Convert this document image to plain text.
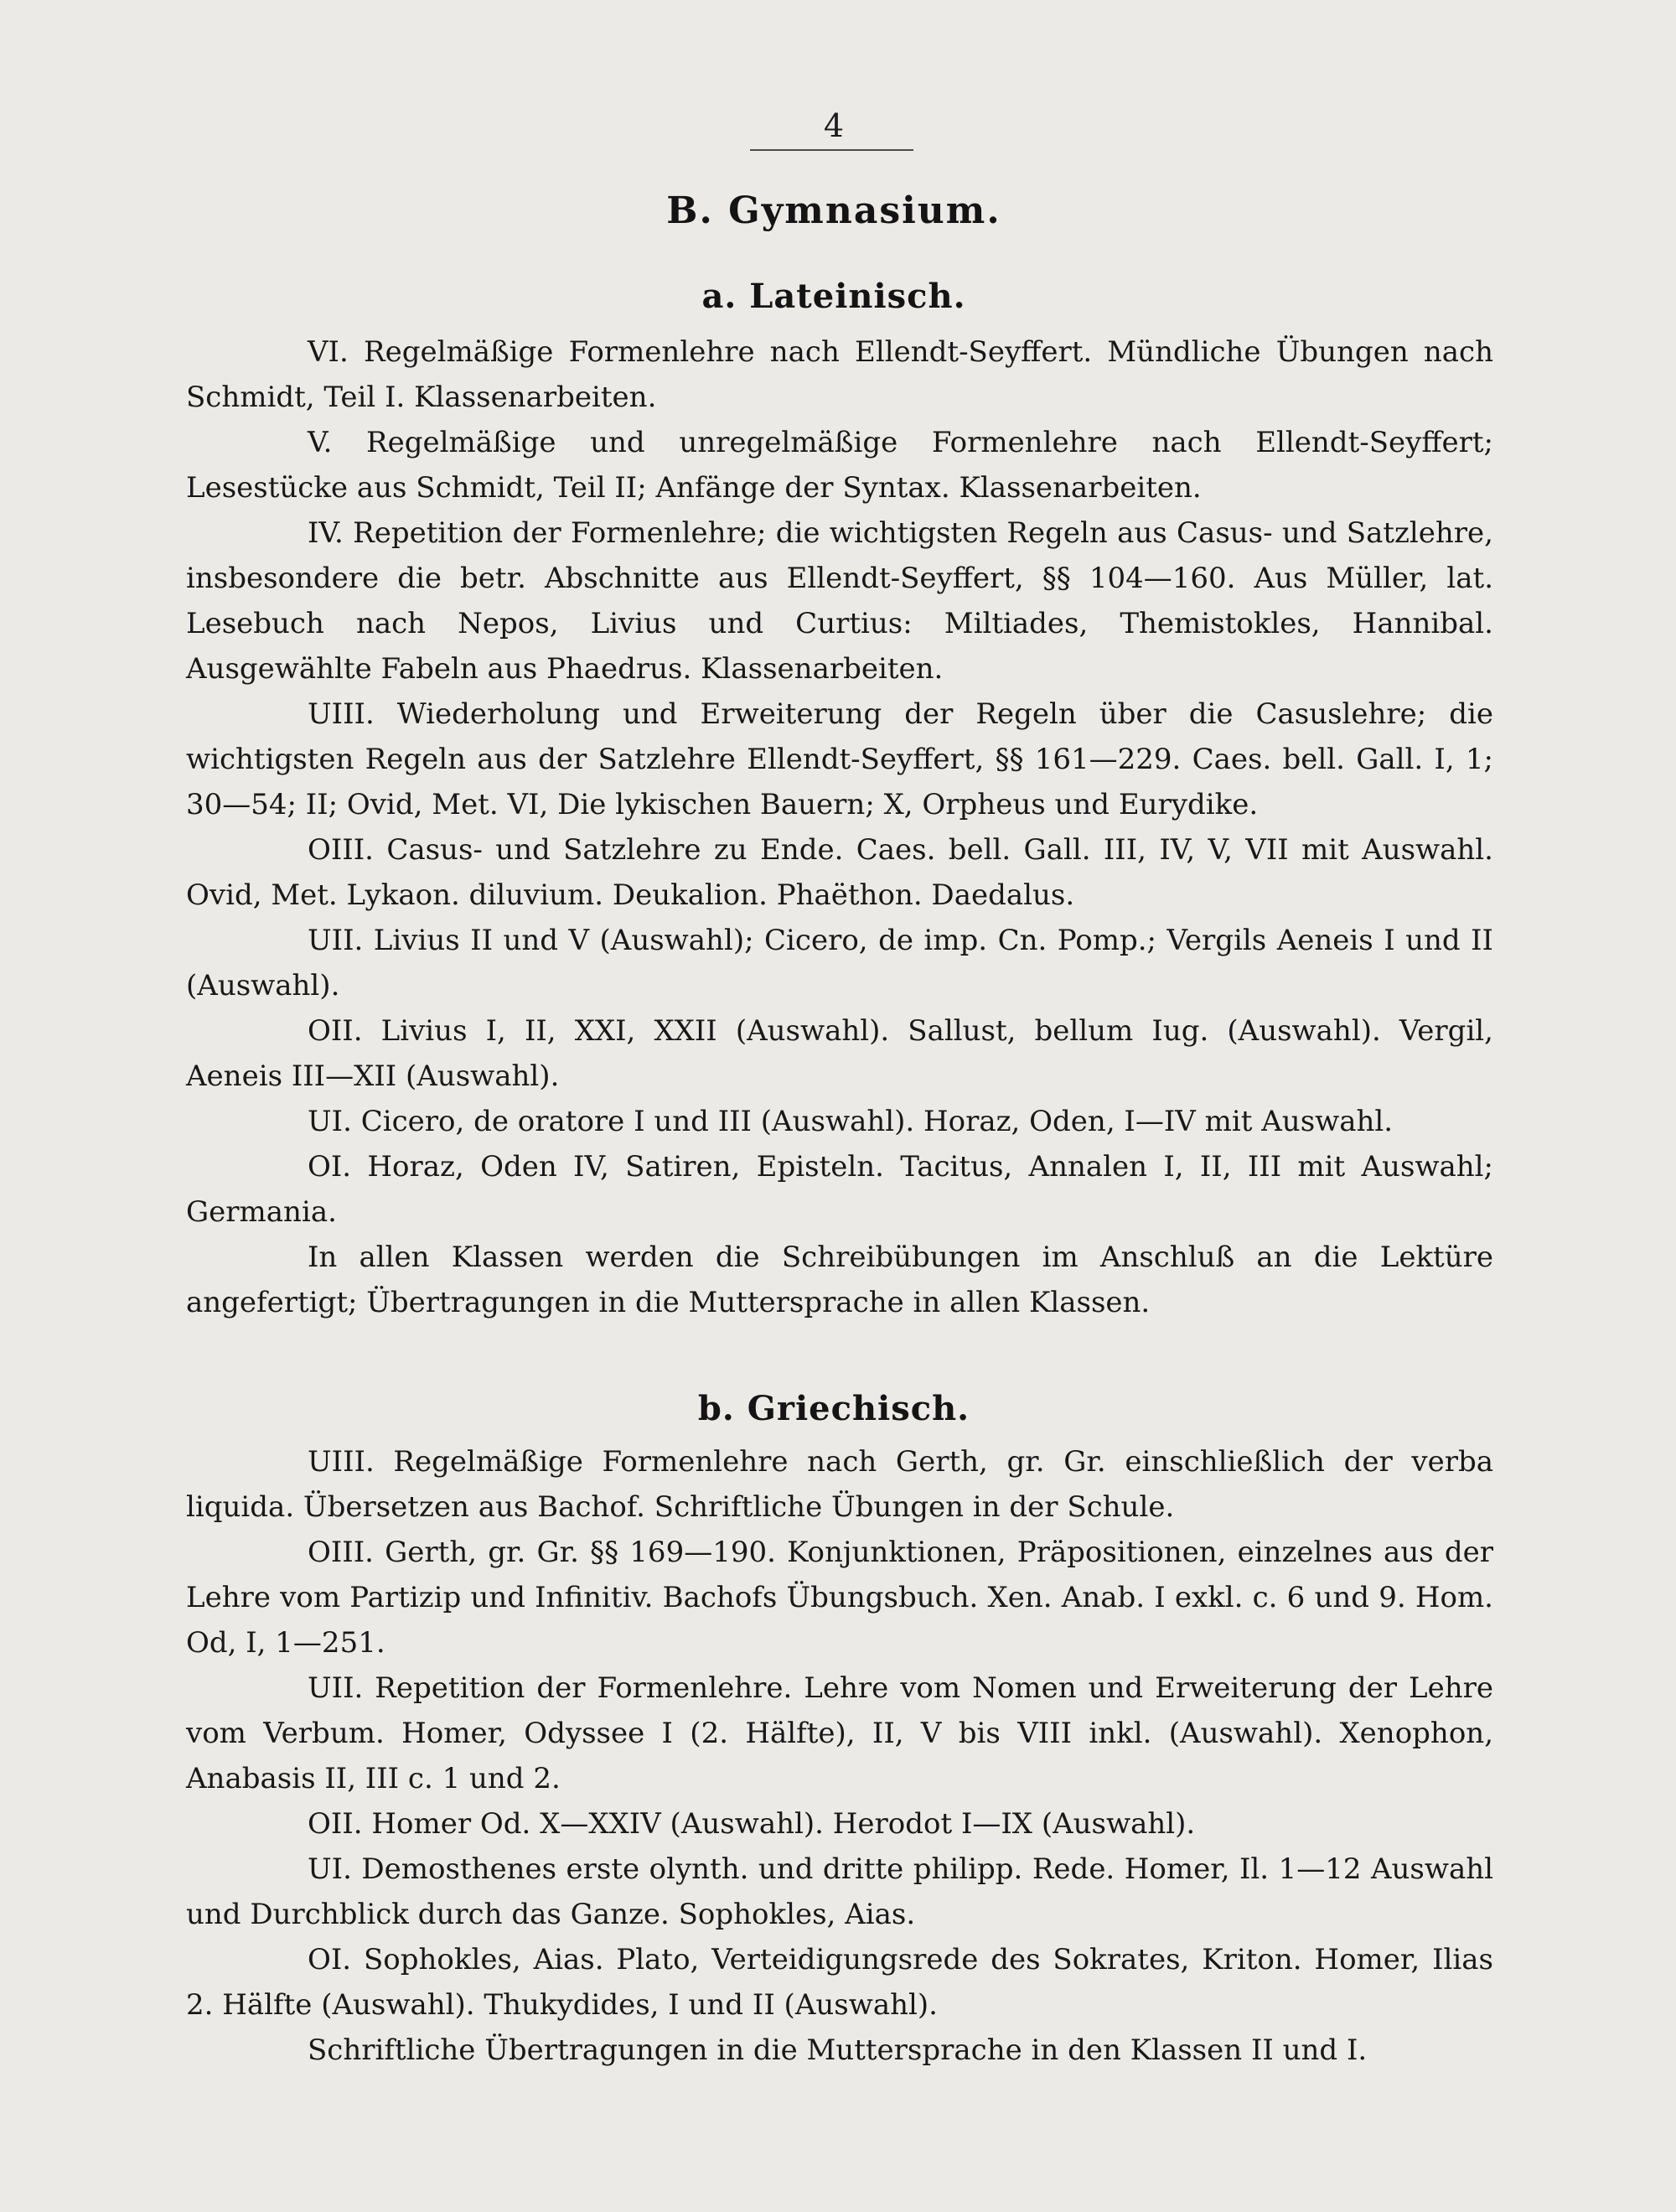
4
B. Gymnasium.
a. Lateinisch.

VI. Regelmäßige Formenlehre nach Ellendt-Seyffert. Mündliche Übungen nach Schmidt, Teil I. Klassenarbeiten.

V. Regelmäßige und unregelmäßige Formenlehre nach Ellendt-Seyffert; Lesestücke aus Schmidt, Teil II; Anfänge der Syntax. Klassenarbeiten.

IV. Repetition der Formenlehre; die wichtigsten Regeln aus Casus- und Satzlehre, insbesondere die betr. Abschnitte aus Ellendt-Seyffert, §§ 104—160. Aus Müller, lat. Lesebuch nach Nepos, Livius und Curtius: Miltiades, Themistokles, Hannibal. Ausgewählte Fabeln aus Phaedrus. Klassenarbeiten.

UIII. Wiederholung und Erweiterung der Regeln über die Casuslehre; die wichtigsten Regeln aus der Satzlehre Ellendt-Seyffert, §§ 161—229. Caes. bell. Gall. I, 1; 30—54; II; Ovid, Met. VI, Die lykischen Bauern; X, Orpheus und Eurydike.

OIII. Casus- und Satzlehre zu Ende. Caes. bell. Gall. III, IV, V, VII mit Auswahl. Ovid, Met. Lykaon. diluvium. Deukalion. Phaëthon. Daedalus.

UII. Livius II und V (Auswahl); Cicero, de imp. Cn. Pomp.; Vergils Aeneis I und II (Auswahl).

OII. Livius I, II, XXI, XXII (Auswahl). Sallust, bellum Iug. (Auswahl). Vergil, Aeneis III—XII (Auswahl).

UI. Cicero, de oratore I und III (Auswahl). Horaz, Oden, I—IV mit Auswahl.

OI. Horaz, Oden IV, Satiren, Episteln. Tacitus, Annalen I, II, III mit Auswahl; Germania.

In allen Klassen werden die Schreibübungen im Anschluß an die Lektüre angefertigt; Übertragungen in die Muttersprache in allen Klassen.

b. Griechisch.

UIII. Regelmäßige Formenlehre nach Gerth, gr. Gr. einschließlich der verba liquida. Übersetzen aus Bachof. Schriftliche Übungen in der Schule.

OIII. Gerth, gr. Gr. §§ 169—190. Konjunktionen, Präpositionen, einzelnes aus der Lehre vom Partizip und Infinitiv. Bachofs Übungsbuch. Xen. Anab. I exkl. c. 6 und 9. Hom. Od, I, 1—251.

UII. Repetition der Formenlehre. Lehre vom Nomen und Erweiterung der Lehre vom Verbum. Homer, Odyssee I (2. Hälfte), II, V bis VIII inkl. (Auswahl). Xenophon, Anabasis II, III c. 1 und 2.

OII. Homer Od. X—XXIV (Auswahl). Herodot I—IX (Auswahl).

UI. Demosthenes erste olynth. und dritte philipp. Rede. Homer, Il. 1—12 Auswahl und Durchblick durch das Ganze. Sophokles, Aias.

OI. Sophokles, Aias. Plato, Verteidigungsrede des Sokrates, Kriton. Homer, Ilias 2. Hälfte (Auswahl). Thukydides, I und II (Auswahl).

Schriftliche Übertragungen in die Muttersprache in den Klassen II und I.
